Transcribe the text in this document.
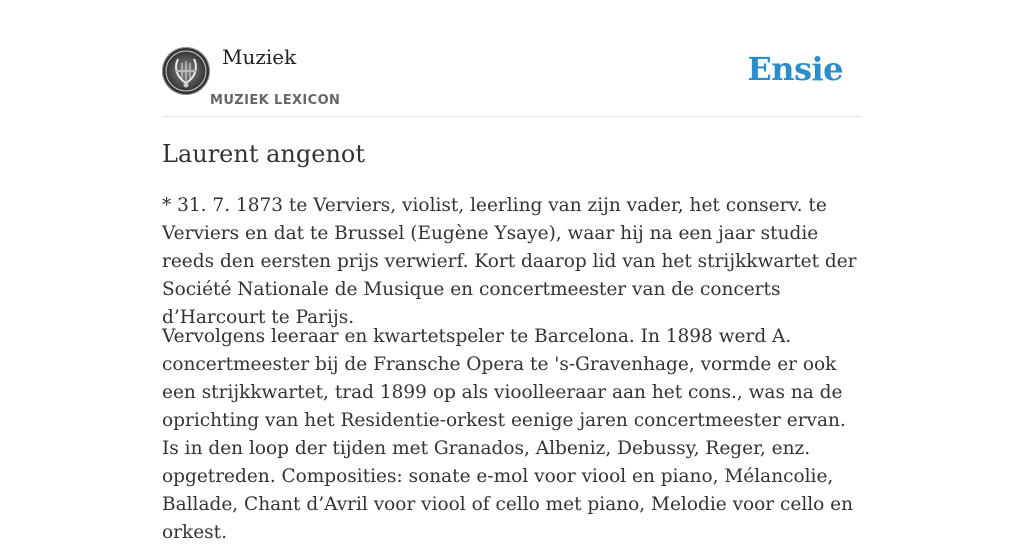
Muziek
MUZIEK LEXICON
Ensie
Laurent angenot

* 31. 7. 1873 te Verviers, violist, leerling van zijn vader, het conserv. te Verviers en dat te Brussel (Eugène Ysaye), waar hij na een jaar studie reeds den eersten prijs verwierf. Kort daarop lid van het strijkkwartet der Société Nationale de Musique en concertmeester van de concerts d’Harcourt te Parijs.

Vervolgens leeraar en kwartetspeler te Barcelona. In 1898 werd A. concertmeester bij de Fransche Opera te 's-Gravenhage, vormde er ook een strijkkwartet, trad 1899 op als vioolleeraar aan het cons., was na de oprichting van het Residentie-orkest eenige jaren concertmeester ervan. Is in den loop der tijden met Granados, Albeniz, Debussy, Reger, enz. opgetreden. Composities: sonate e-mol voor viool en piano, Mélancolie, Ballade, Chant d’Avril voor viool of cello met piano, Melodie voor cello en orkest.
